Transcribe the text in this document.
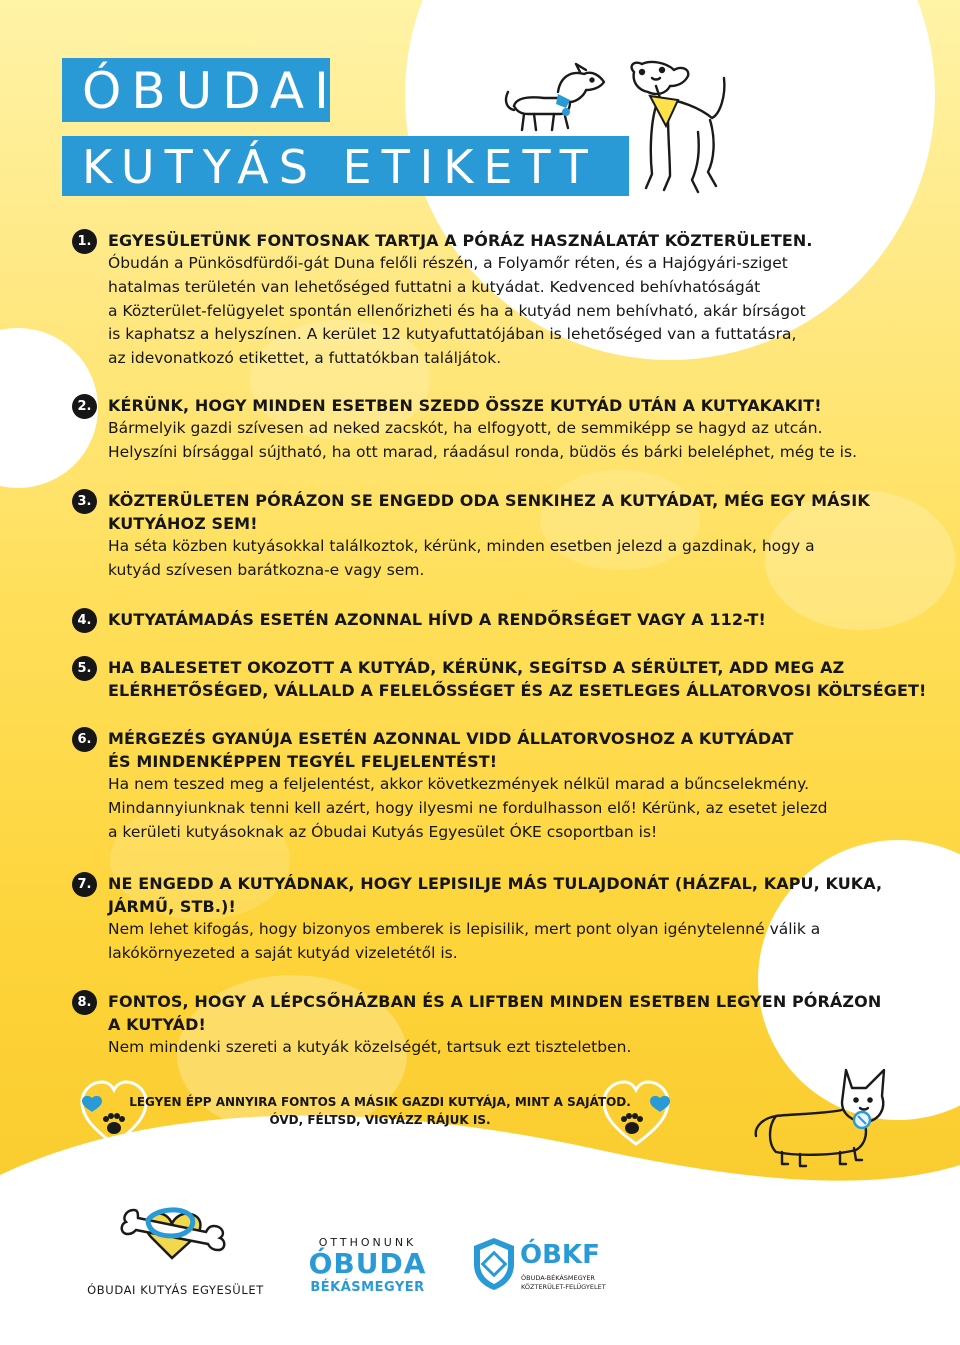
ÓBUDAI
KUTYÁS ETIKETT
1.	EGYESÜLETÜNK FONTOSNAK TARTJA A PÓRÁZ HASZNÁLATÁT KÖZTERÜLETEN.
Óbudán a Pünkösdfürdői-gát Duna felőli részén, a Folyamőr réten, és a Hajógyári-sziget
hatalmas területén van lehetőséged futtatni a kutyádat. Kedvenced behívhatóságát
a Közterület-felügyelet spontán ellenőrizheti és ha a kutyád nem behívható, akár bírságot
is kaphatsz a helyszínen. A kerület 12 kutyafuttatójában is lehetőséged van a futtatásra,
az idevonatkozó etikettet, a futtatókban találjátok.
2.	KÉRÜNK, HOGY MINDEN ESETBEN SZEDD ÖSSZE KUTYÁD UTÁN A KUTYAKAKIT!
Bármelyik gazdi szívesen ad neked zacskót, ha elfogyott, de semmiképp se hagyd az utcán.
Helyszíni bírsággal sújtható, ha ott marad, ráadásul ronda, büdös és bárki beleléphet, még te is.
3.	KÖZTERÜLETEN PÓRÁZON SE ENGEDD ODA SENKIHEZ A KUTYÁDAT, MÉG EGY MÁSIK
KUTYÁHOZ SEM!
Ha séta közben kutyásokkal találkoztok, kérünk, minden esetben jelezd a gazdinak, hogy a
kutyád szívesen barátkozna-e vagy sem.
4.	KUTYATÁMADÁS ESETÉN AZONNAL HÍVD A RENDŐRSÉGET VAGY A 112-T!
5.	HA BALESETET OKOZOTT A KUTYÁD, KÉRÜNK, SEGÍTSD A SÉRÜLTET, ADD MEG AZ
ELÉRHETŐSÉGED, VÁLLALD A FELELŐSSÉGET ÉS AZ ESETLEGES ÁLLATORVOSI KÖLTSÉGET!
6.	MÉRGEZÉS GYANÚJA ESETÉN AZONNAL VIDD ÁLLATORVOSHOZ A KUTYÁDAT
ÉS MINDENKÉPPEN TEGYÉL FELJELENTÉST!
Ha nem teszed meg a feljelentést, akkor következmények nélkül marad a bűncselekmény.
Mindannyiunknak tenni kell azért, hogy ilyesmi ne fordulhasson elő! Kérünk, az esetet jelezd
a kerületi kutyásoknak az Óbudai Kutyás Egyesület ÓKE csoportban is!
7.	NE ENGEDD A KUTYÁDNAK, HOGY LEPISILJE MÁS TULAJDONÁT (HÁZFAL, KAPU, KUKA,
JÁRMŰ, STB.)!
Nem lehet kifogás, hogy bizonyos emberek is lepisilik, mert pont olyan igénytelenné válik a
lakókörnyezeted a saját kutyád vizeletétől is.
8.	FONTOS, HOGY A LÉPCSŐHÁZBAN ÉS A LIFTBEN MINDEN ESETBEN LEGYEN PÓRÁZON
A KUTYÁD!
Nem mindenki szereti a kutyák közelségét, tartsuk ezt tiszteletben.
LEGYEN ÉPP ANNYIRA FONTOS A MÁSIK GAZDI KUTYÁJA, MINT A SAJÁTOD.
ÓVD, FÉLTSD, VIGYÁZZ RÁJUK IS.
ÓBUDAI KUTYÁS EGYESÜLET
OTTHONUNK
ÓBUDA
BÉKÁSMEGYER
ÓBKF
ÓBUDA-BÉKÁSMEGYER
KÖZTERÜLET-FELÜGYELET
